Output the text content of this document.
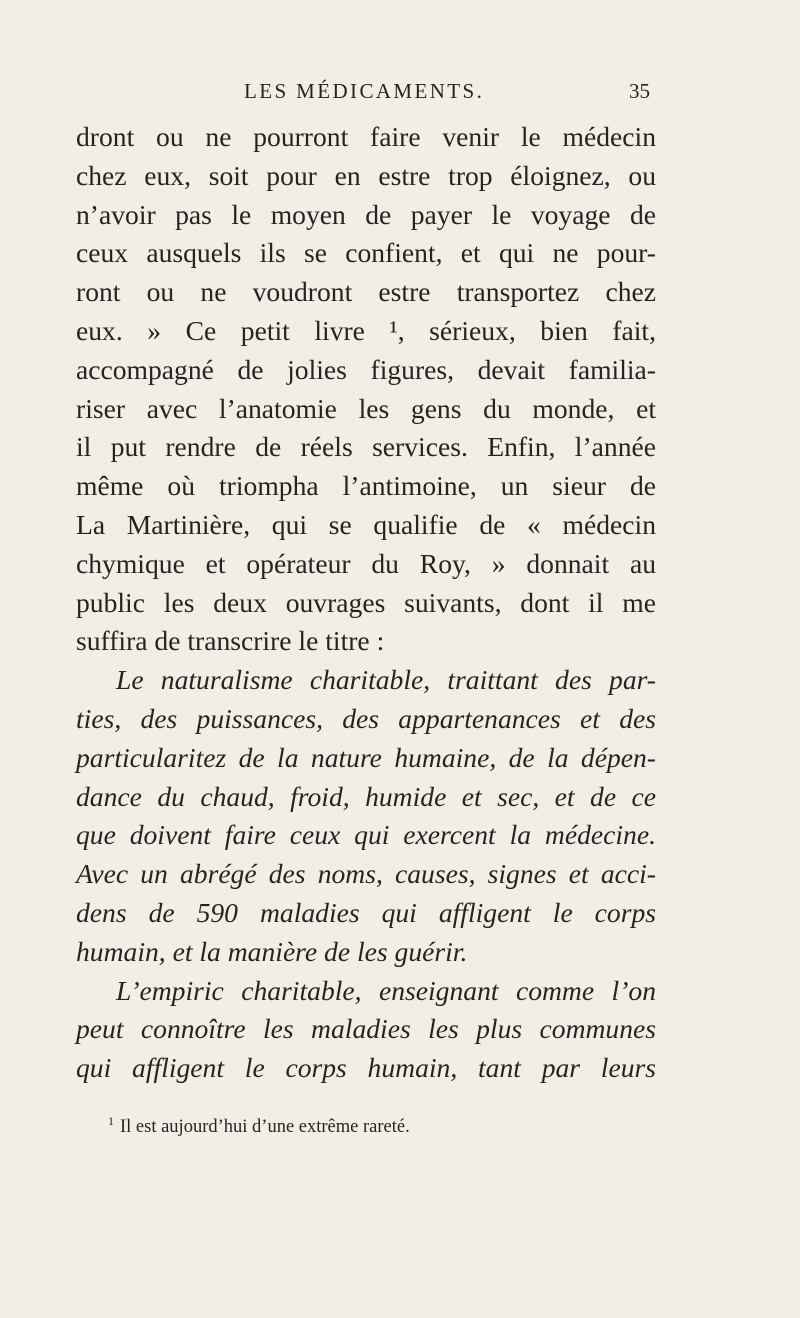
LES MÉDICAMENTS.	35
dront ou ne pourront faire venir le médecin
chez eux, soit pour en estre trop éloignez, ou
n’avoir pas le moyen de payer le voyage de
ceux ausquels ils se confient, et qui ne pour-
ront ou ne voudront estre transportez chez
eux. » Ce petit livre ¹, sérieux, bien fait,
accompagné de jolies figures, devait familia-
riser avec l’anatomie les gens du monde, et
il put rendre de réels services. Enfin, l’année
même où triompha l’antimoine, un sieur de
La Martinière, qui se qualifie de « médecin
chymique et opérateur du Roy, » donnait au
public les deux ouvrages suivants, dont il me
suffira de transcrire le titre :
Le naturalisme charitable, traittant des par-
ties, des puissances, des appartenances et des
particularitez de la nature humaine, de la dépen-
dance du chaud, froid, humide et sec, et de ce
que doivent faire ceux qui exercent la médecine.
Avec un abrégé des noms, causes, signes et acci-
dens de 590 maladies qui affligent le corps
humain, et la manière de les guérir.
L’empiric charitable, enseignant comme l’on
peut connoître les maladies les plus communes
qui affligent le corps humain, tant par leurs
$^1$ Il est aujourd’hui d’une extrême rareté.
